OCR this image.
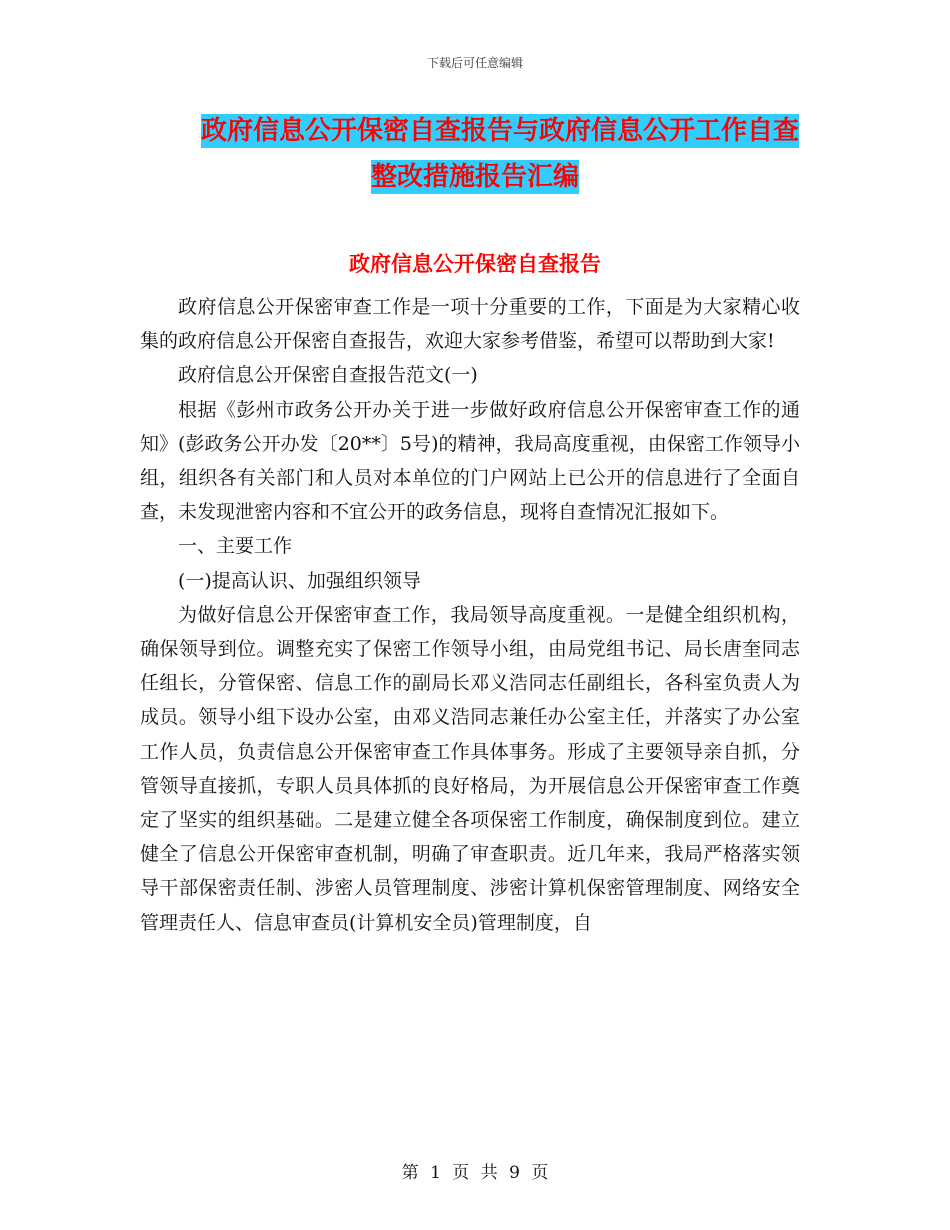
下载后可任意编辑
政府信息公开保密自查报告与政府信息公开工作自查
整改措施报告汇编
政府信息公开保密自查报告

政府信息公开保密审查工作是一项十分重要的工作，下面是为大家精心收集的政府信息公开保密自查报告，欢迎大家参考借鉴，希望可以帮助到大家!

政府信息公开保密自查报告范文(一)

根据《彭州市政务公开办关于进一步做好政府信息公开保密审查工作的通知》(彭政务公开办发〔20**〕5号)的精神，我局高度重视，由保密工作领导小组，组织各有关部门和人员对本单位的门户网站上已公开的信息进行了全面自查，未发现泄密内容和不宜公开的政务信息，现将自查情况汇报如下。

一、主要工作

(一)提高认识、加强组织领导

为做好信息公开保密审查工作，我局领导高度重视。一是健全组织机构，确保领导到位。调整充实了保密工作领导小组，由局党组书记、局长唐奎同志任组长，分管保密、信息工作的副局长邓义浩同志任副组长，各科室负责人为成员。领导小组下设办公室，由邓义浩同志兼任办公室主任，并落实了办公室工作人员，负责信息公开保密审查工作具体事务。形成了主要领导亲自抓，分管领导直接抓，专职人员具体抓的良好格局，为开展信息公开保密审查工作奠定了坚实的组织基础。二是建立健全各项保密工作制度，确保制度到位。建立健全了信息公开保密审查机制，明确了审查职责。近几年来，我局严格落实领导干部保密责任制、涉密人员管理制度、涉密计算机保密管理制度、网络安全管理责任人、信息审查员(计算机安全员)管理制度，自

第 1 页 共 9 页
